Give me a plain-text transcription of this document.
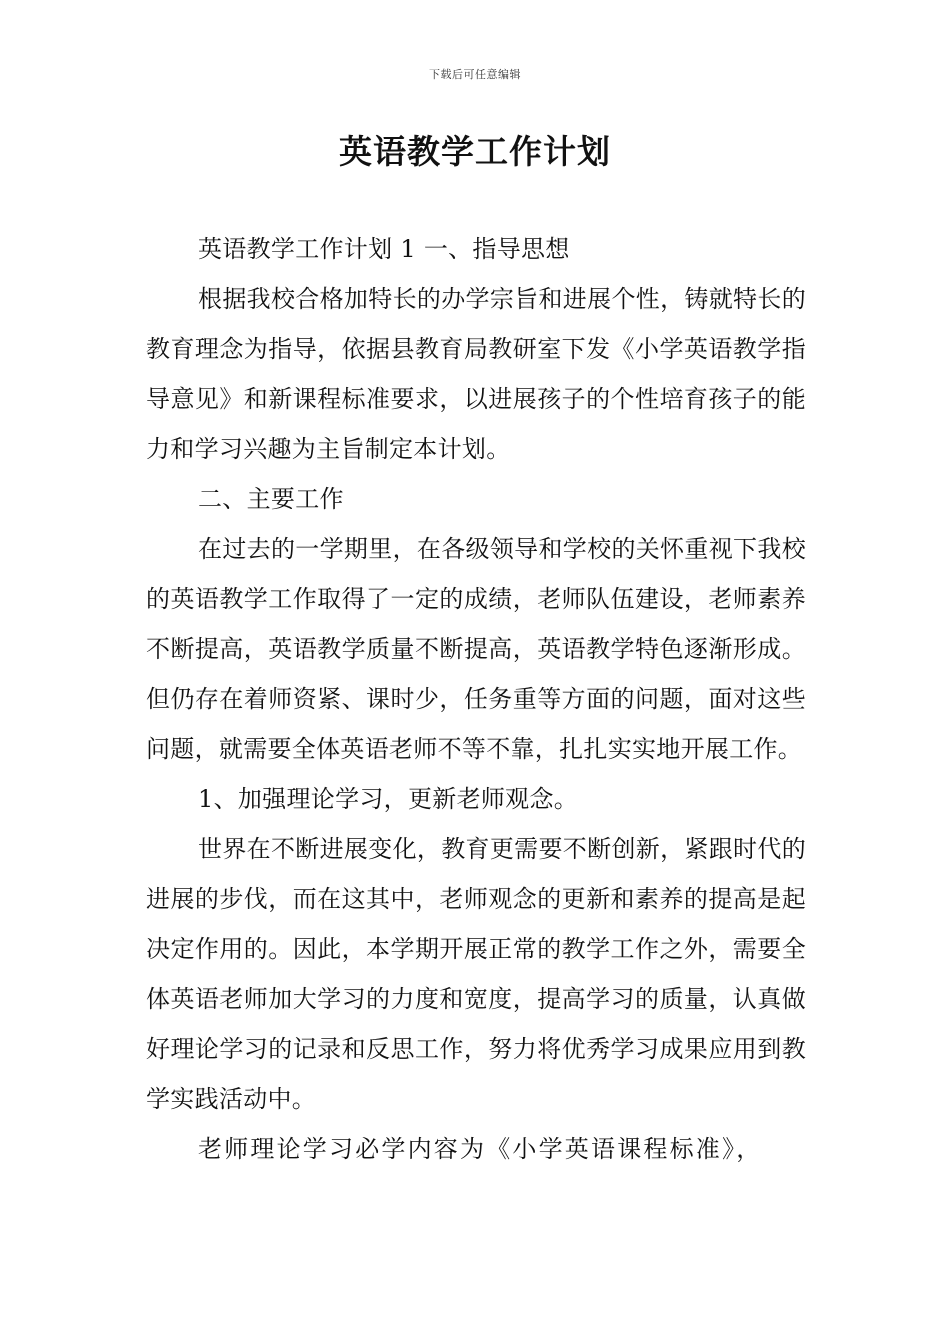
下载后可任意编辑
英语教学工作计划

英语教学工作计划 1 一、指导思想

根据我校合格加特长的办学宗旨和进展个性，铸就特长的教育理念为指导，依据县教育局教研室下发《小学英语教学指导意见》和新课程标准要求，以进展孩子的个性培育孩子的能力和学习兴趣为主旨制定本计划。

二、主要工作

在过去的一学期里，在各级领导和学校的关怀重视下我校的英语教学工作取得了一定的成绩，老师队伍建设，老师素养不断提高，英语教学质量不断提高，英语教学特色逐渐形成。但仍存在着师资紧、课时少，任务重等方面的问题，面对这些问题，就需要全体英语老师不等不靠，扎扎实实地开展工作。

1、加强理论学习，更新老师观念。

世界在不断进展变化，教育更需要不断创新，紧跟时代的进展的步伐，而在这其中，老师观念的更新和素养的提高是起决定作用的。因此，本学期开展正常的教学工作之外，需要全体英语老师加大学习的力度和宽度，提高学习的质量，认真做好理论学习的记录和反思工作，努力将优秀学习成果应用到教学实践活动中。

老师理论学习必学内容为《小学英语课程标准》，
